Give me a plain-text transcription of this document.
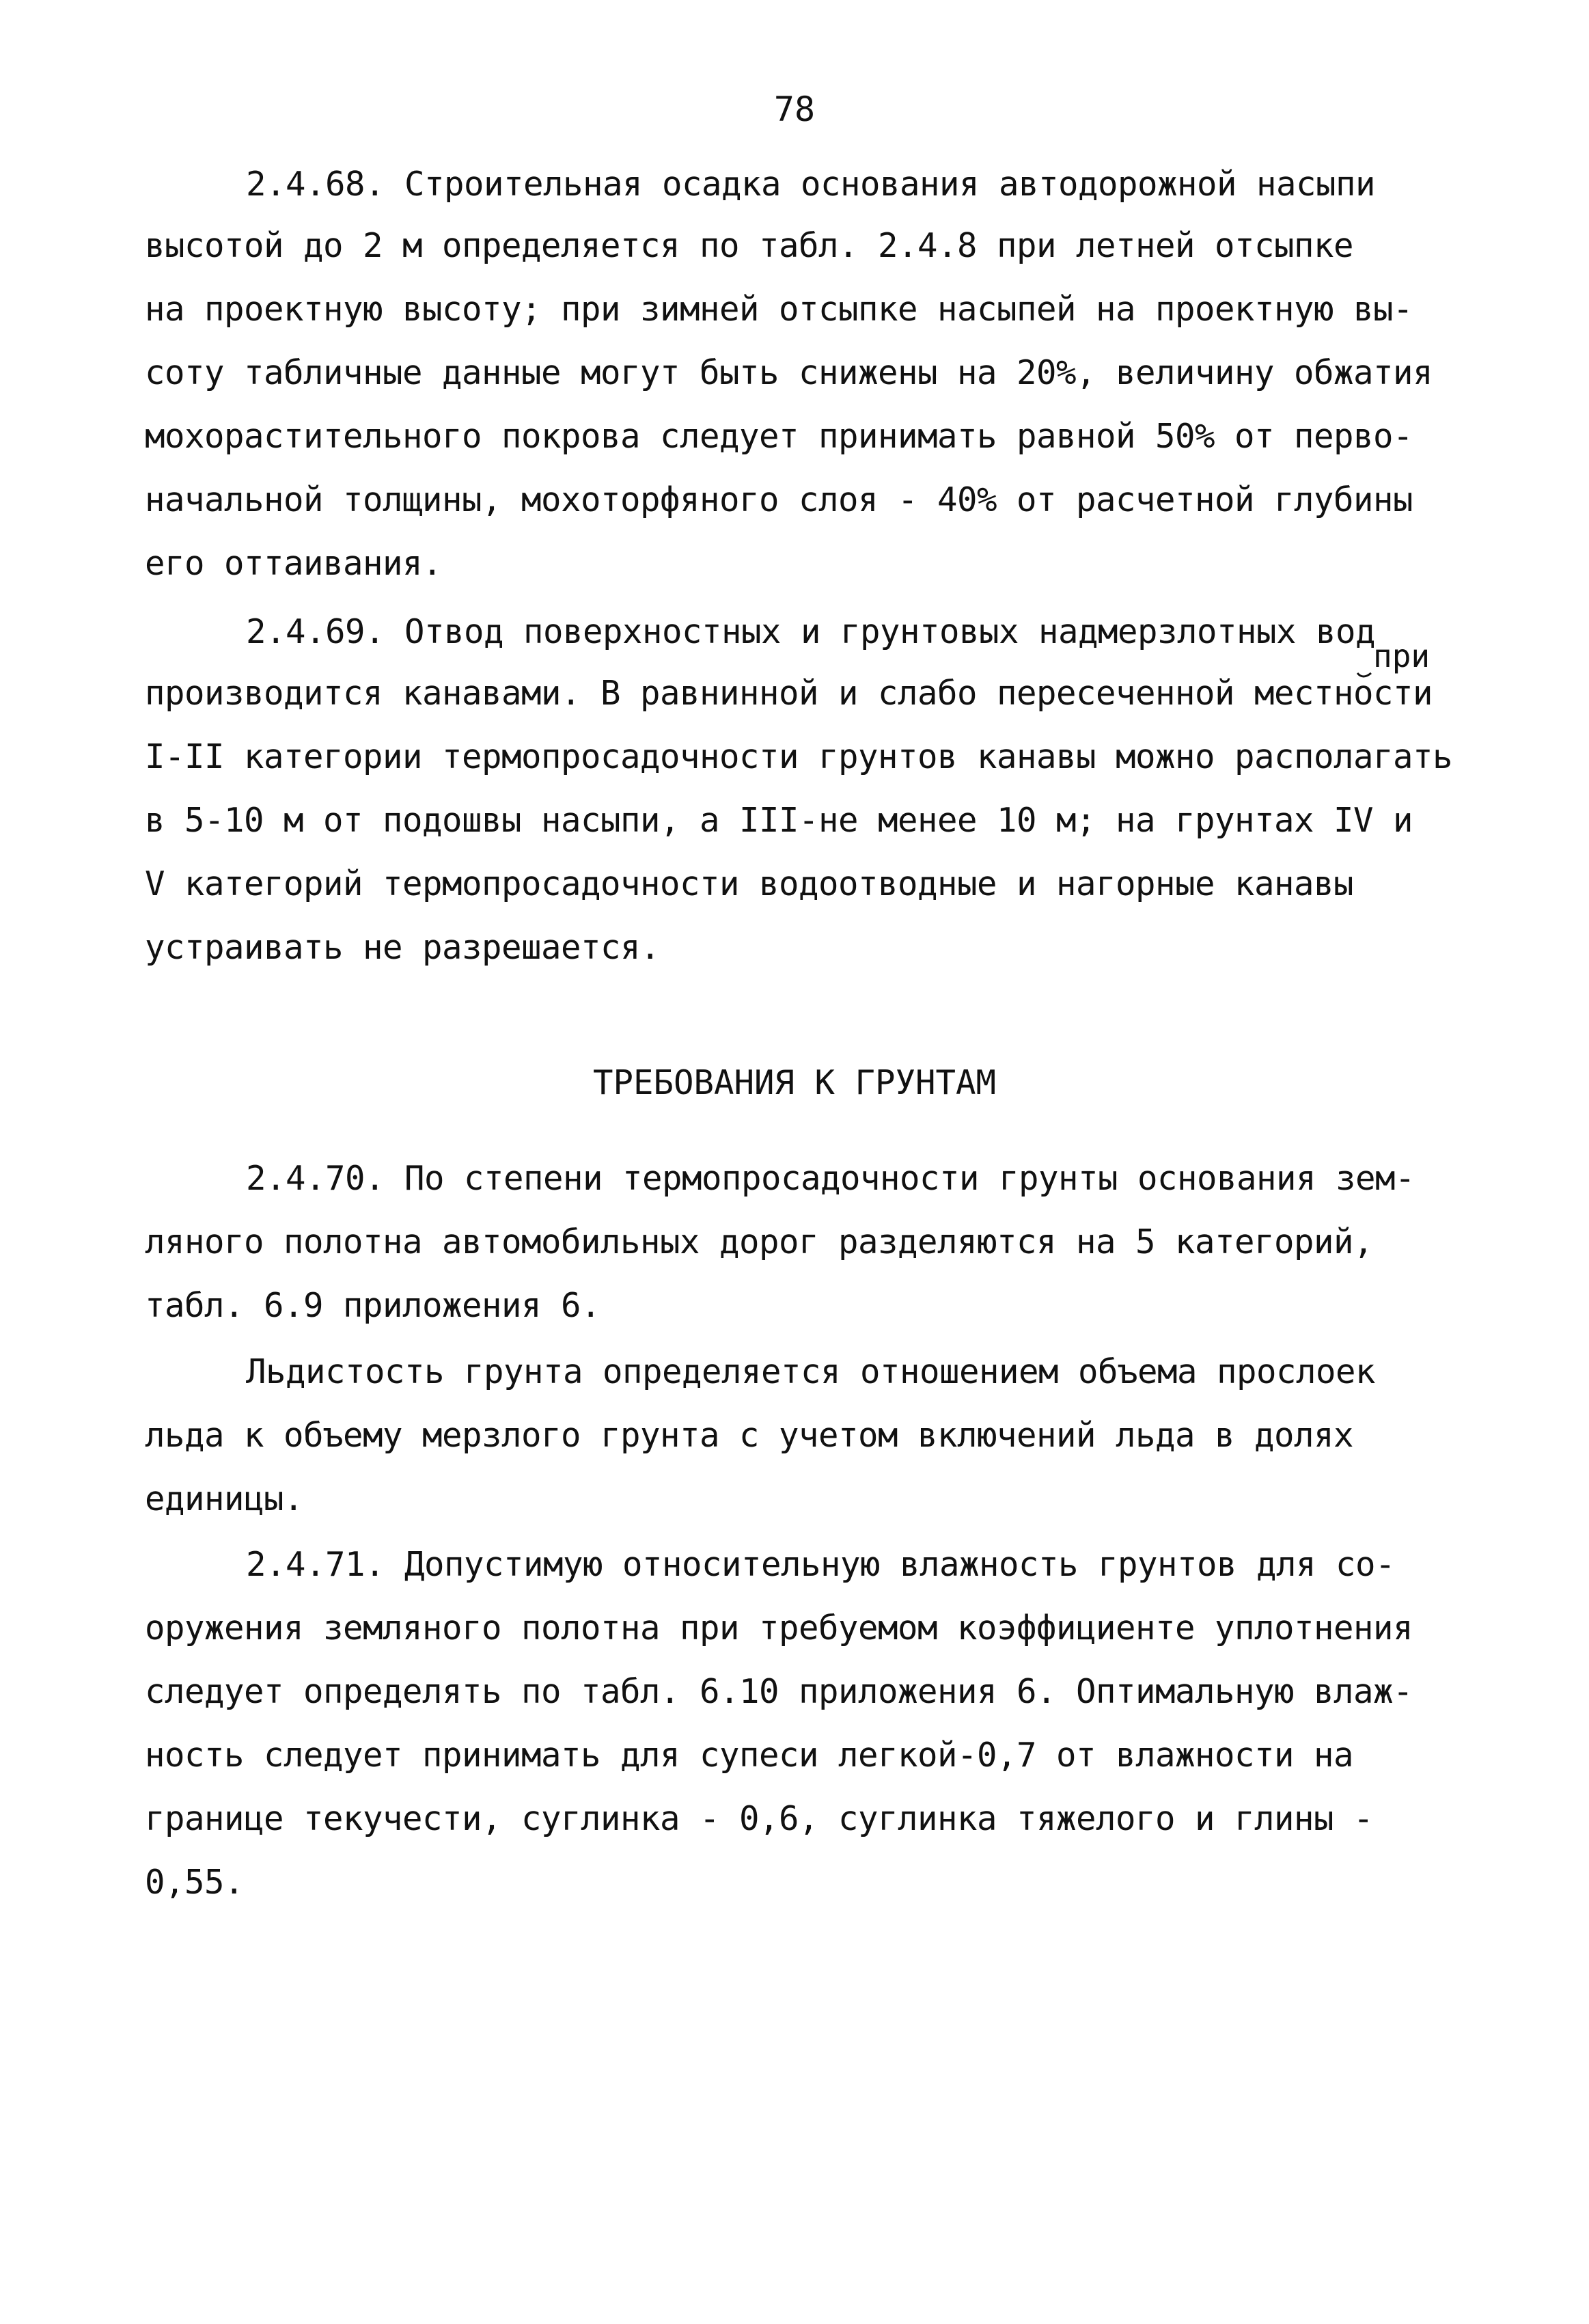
78
2.4.68. Строительная осадка основания автодорожной насыпи
высотой до 2 м определяется по табл. 2.4.8 при летней отсыпке
на проектную высоту; при зимней отсыпке насыпей на проектную вы-
соту табличные данные могут быть снижены на 20%, величину обжатия
мохорастительного покрова следует принимать равной 50% от перво-
начальной толщины, мохоторфяного слоя - 40% от расчетной глубины
его оттаивания.
2.4.69. Отвод поверхностных и грунтовых надмерзлотных вод
при
производится канавами. В равнинной и слабо пересеченной местности
I-II категории термопросадочности грунтов канавы можно располагать
в 5-10 м от подошвы насыпи, а III-не менее 10 м; на грунтах IV и
V категорий термопросадочности водоотводные и нагорные канавы
устраивать не разрешается.
ТРЕБОВАНИЯ К ГРУНТАМ
2.4.70. По степени термопросадочности грунты основания зем-
ляного полотна автомобильных дорог разделяются на 5 категорий,
табл. 6.9 приложения 6.
Льдистость грунта определяется отношением объема прослоек
льда к объему мерзлого грунта с учетом включений льда в долях
единицы.
2.4.71. Допустимую относительную влажность грунтов для со-
оружения земляного полотна при требуемом коэффициенте уплотнения
следует определять по табл. 6.10 приложения 6. Оптимальную влаж-
ность следует принимать для супеси легкой-0,7 от влажности на
границе текучести, суглинка - 0,6, суглинка тяжелого и глины -
0,55.
